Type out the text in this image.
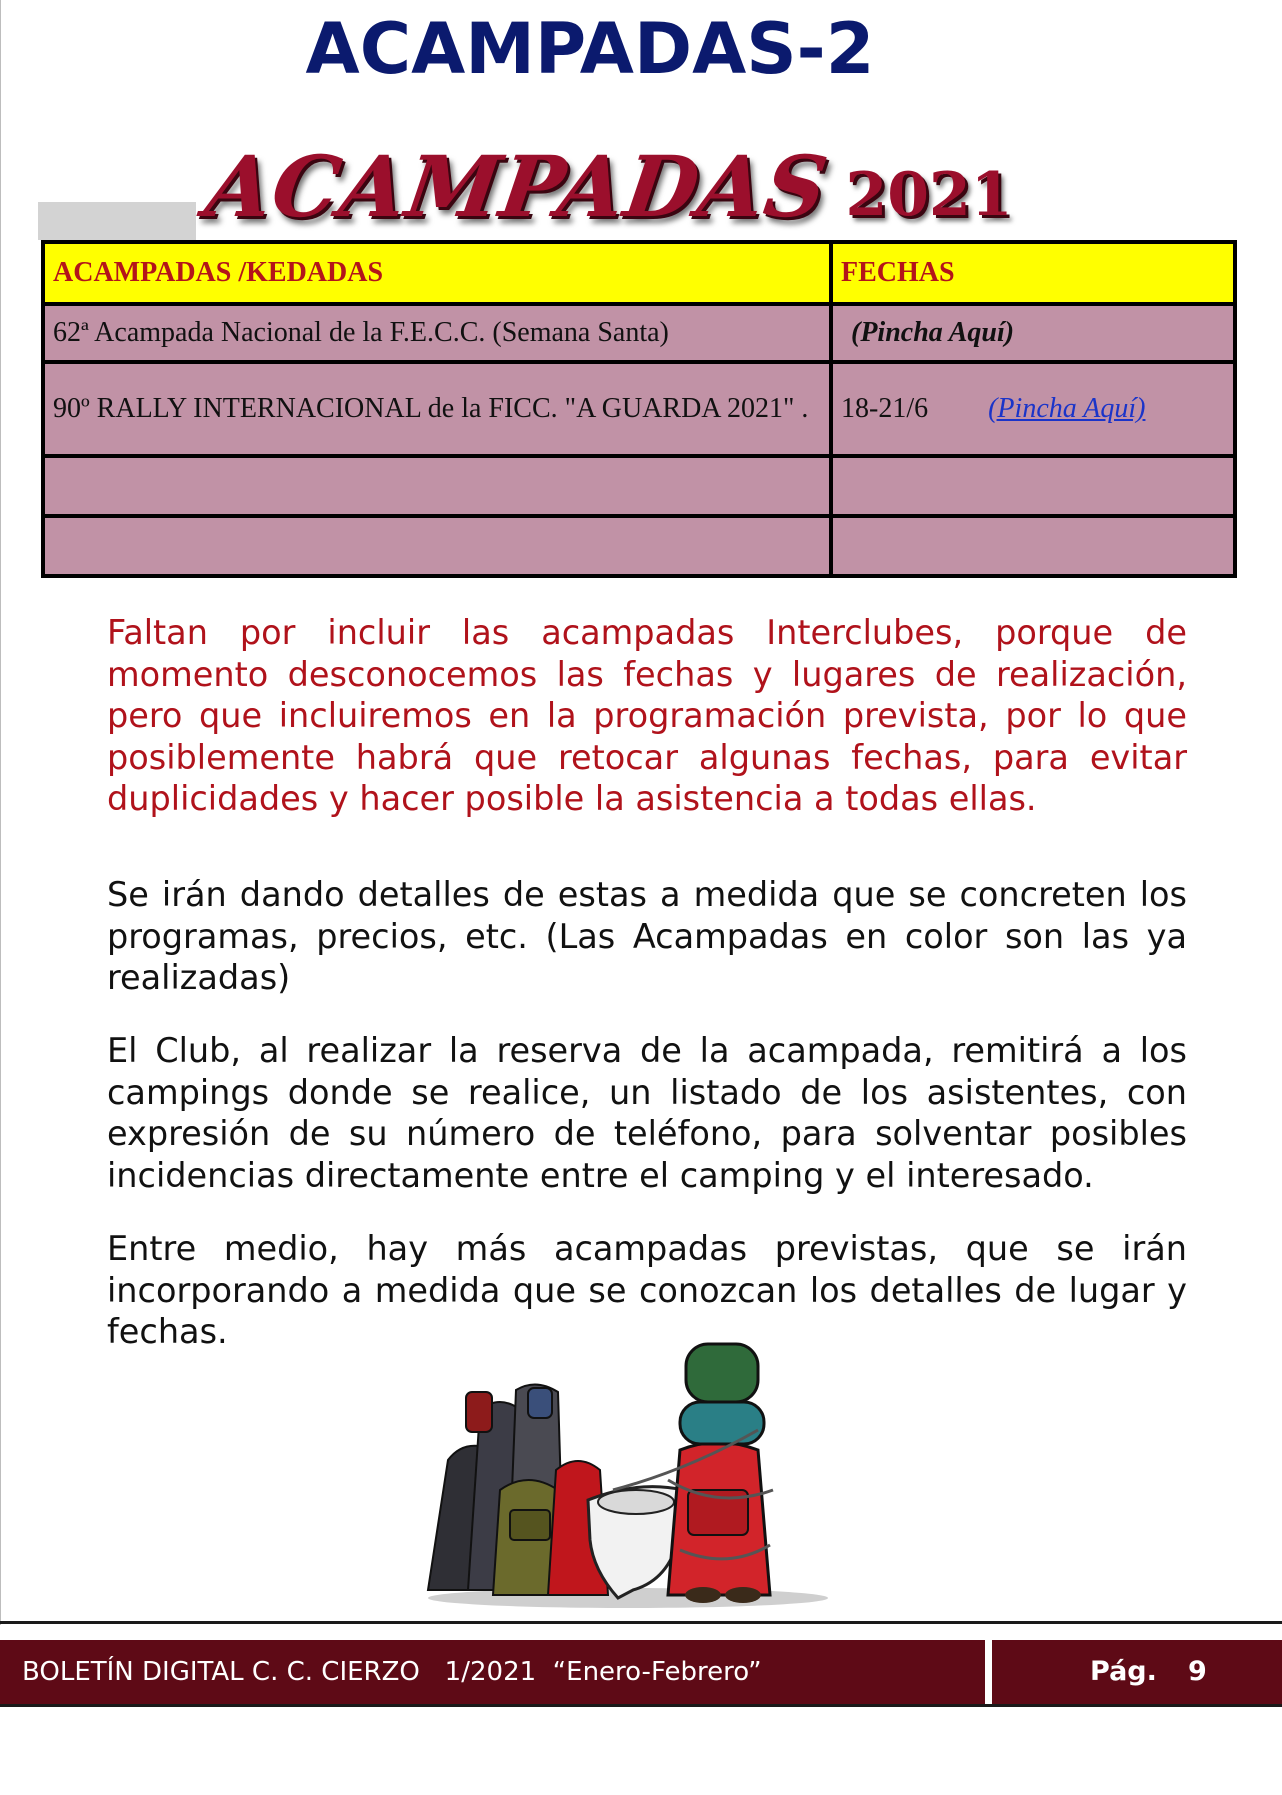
ACAMPADAS-2
ACAMPADAS 2021
ACAMPADAS /KEDADAS	FECHAS
62ª Acampada Nacional de la F.E.C.C. (Semana Santa)	(Pincha Aquí)
90º RALLY INTERNACIONAL de la FICC. "A GUARDA 2021" .	18-21/6 (Pincha Aquí)

Faltan por incluir las acampadas Interclubes, porque de momento desconocemos las fechas y lugares de realización, pero que incluiremos en la programación prevista, por lo que posiblemente habrá que retocar algunas fechas, para evitar duplicidades y hacer posible la asistencia a todas ellas.

Se irán dando detalles de estas a medida que se concreten los programas, precios, etc. (Las Acampadas en color son las ya realizadas)

El Club, al realizar la reserva de la acampada, remitirá a los campings donde se realice, un listado de los asistentes, con expresión de su número de teléfono, para solventar posibles incidencias directamente entre el camping y el interesado.

Entre medio, hay más acampadas previstas, que se irán incorporando a medida que se conozcan los detalles de lugar y fechas.

BOLETÍN DIGITAL C. C. CIERZO   1/2021  “Enero-Febrero”	Pág. 9
